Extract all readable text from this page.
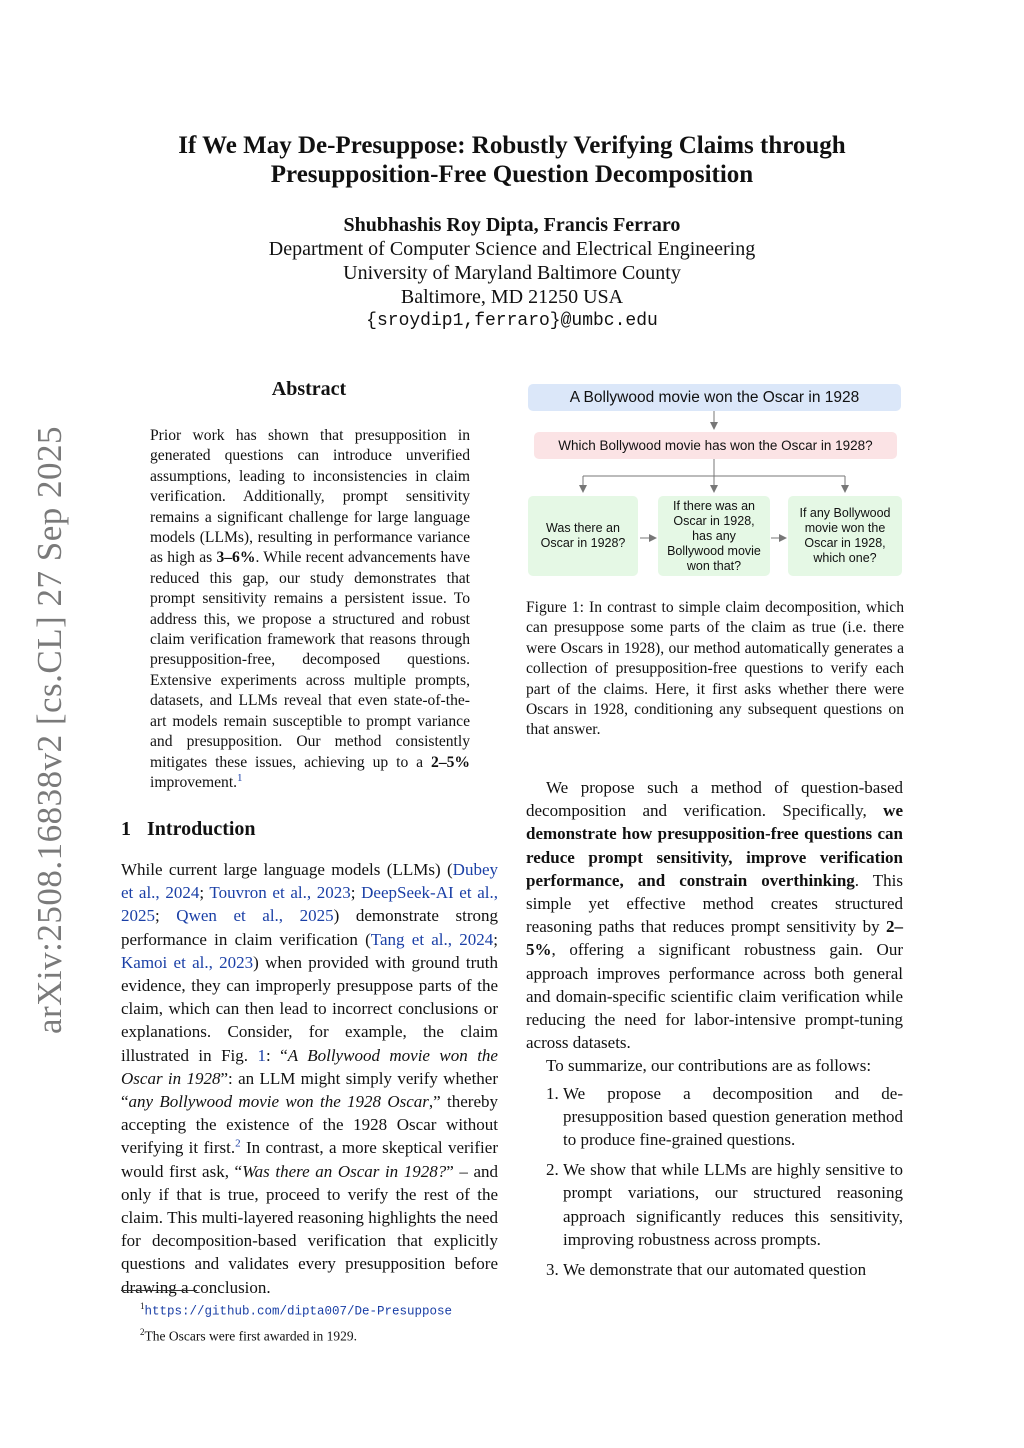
arXiv:2508.16838v2 [cs.CL] 27 Sep 2025
If We May De-Presuppose: Robustly Verifying Claims through
Presupposition-Free Question Decomposition
Shubhashis Roy Dipta, Francis Ferraro
Department of Computer Science and Electrical Engineering
University of Maryland Baltimore County
Baltimore, MD 21250 USA
{sroydip1,ferraro}@umbc.edu
Abstract
Prior work has shown that presupposition in generated questions can introduce unverified assumptions, leading to inconsistencies in claim verification. Additionally, prompt sensitivity remains a significant challenge for large language models (LLMs), resulting in performance variance as high as 3–6%. While recent advancements have reduced this gap, our study demonstrates that prompt sensitivity remains a persistent issue. To address this, we propose a structured and robust claim verification framework that reasons through presupposition-free, decomposed questions. Extensive experiments across multiple prompts, datasets, and LLMs reveal that even state-of-the-art models remain susceptible to prompt variance and presupposition. Our method consistently mitigates these issues, achieving up to a 2–5% improvement.$^1$
1 Introduction

While current large language models (LLMs) (Dubey et al., 2024; Touvron et al., 2023; DeepSeek-AI et al., 2025; Qwen et al., 2025) demonstrate strong performance in claim verification (Tang et al., 2024; Kamoi et al., 2023) when provided with ground truth evidence, they can improperly presuppose parts of the claim, which can then lead to incorrect conclusions or explanations. Consider, for example, the claim illustrated in Fig. 1: “A Bollywood movie won the Oscar in 1928”: an LLM might simply verify whether “any Bollywood movie won the 1928 Oscar,” thereby accepting the existence of the 1928 Oscar without verifying it first.$^2$ In contrast, a more skeptical verifier would first ask, “Was there an Oscar in 1928?” – and only if that is true, proceed to verify the rest of the claim. This multi-layered reasoning highlights the need for decomposition-based verification that explicitly questions and validates every presupposition before drawing a conclusion.

A Bollywood movie won the Oscar in 1928
Which Bollywood movie has won the Oscar in 1928?
Was there an Oscar in 1928?
If there was an Oscar in 1928, has any Bollywood movie won that?
If any Bollywood movie won the Oscar in 1928, which one?
Figure 1: In contrast to simple claim decomposition, which can presuppose some parts of the claim as true (i.e. there were Oscars in 1928), our method automatically generates a collection of presupposition-free questions to verify each part of the claims. Here, it first asks whether there were Oscars in 1928, conditioning any subsequent questions on that answer.

We propose such a method of question-based decomposition and verification. Specifically, we demonstrate how presupposition-free questions can reduce prompt sensitivity, improve verification performance, and constrain overthinking. This simple yet effective method creates structured reasoning paths that reduces prompt sensitivity by 2–5%, offering a significant robustness gain. Our approach improves performance across both general and domain-specific scientific claim verification while reducing the need for labor-intensive prompt-tuning across datasets.

To summarize, our contributions are as follows:

1. We propose a decomposition and de-presupposition based question generation method to produce fine-grained questions.
2. We show that while LLMs are highly sensitive to prompt variations, our structured reasoning approach significantly reduces this sensitivity, improving robustness across prompts.
3. We demonstrate that our automated question
$^1$https://github.com/dipta007/De-Presuppose
$^2$The Oscars were first awarded in 1929.
